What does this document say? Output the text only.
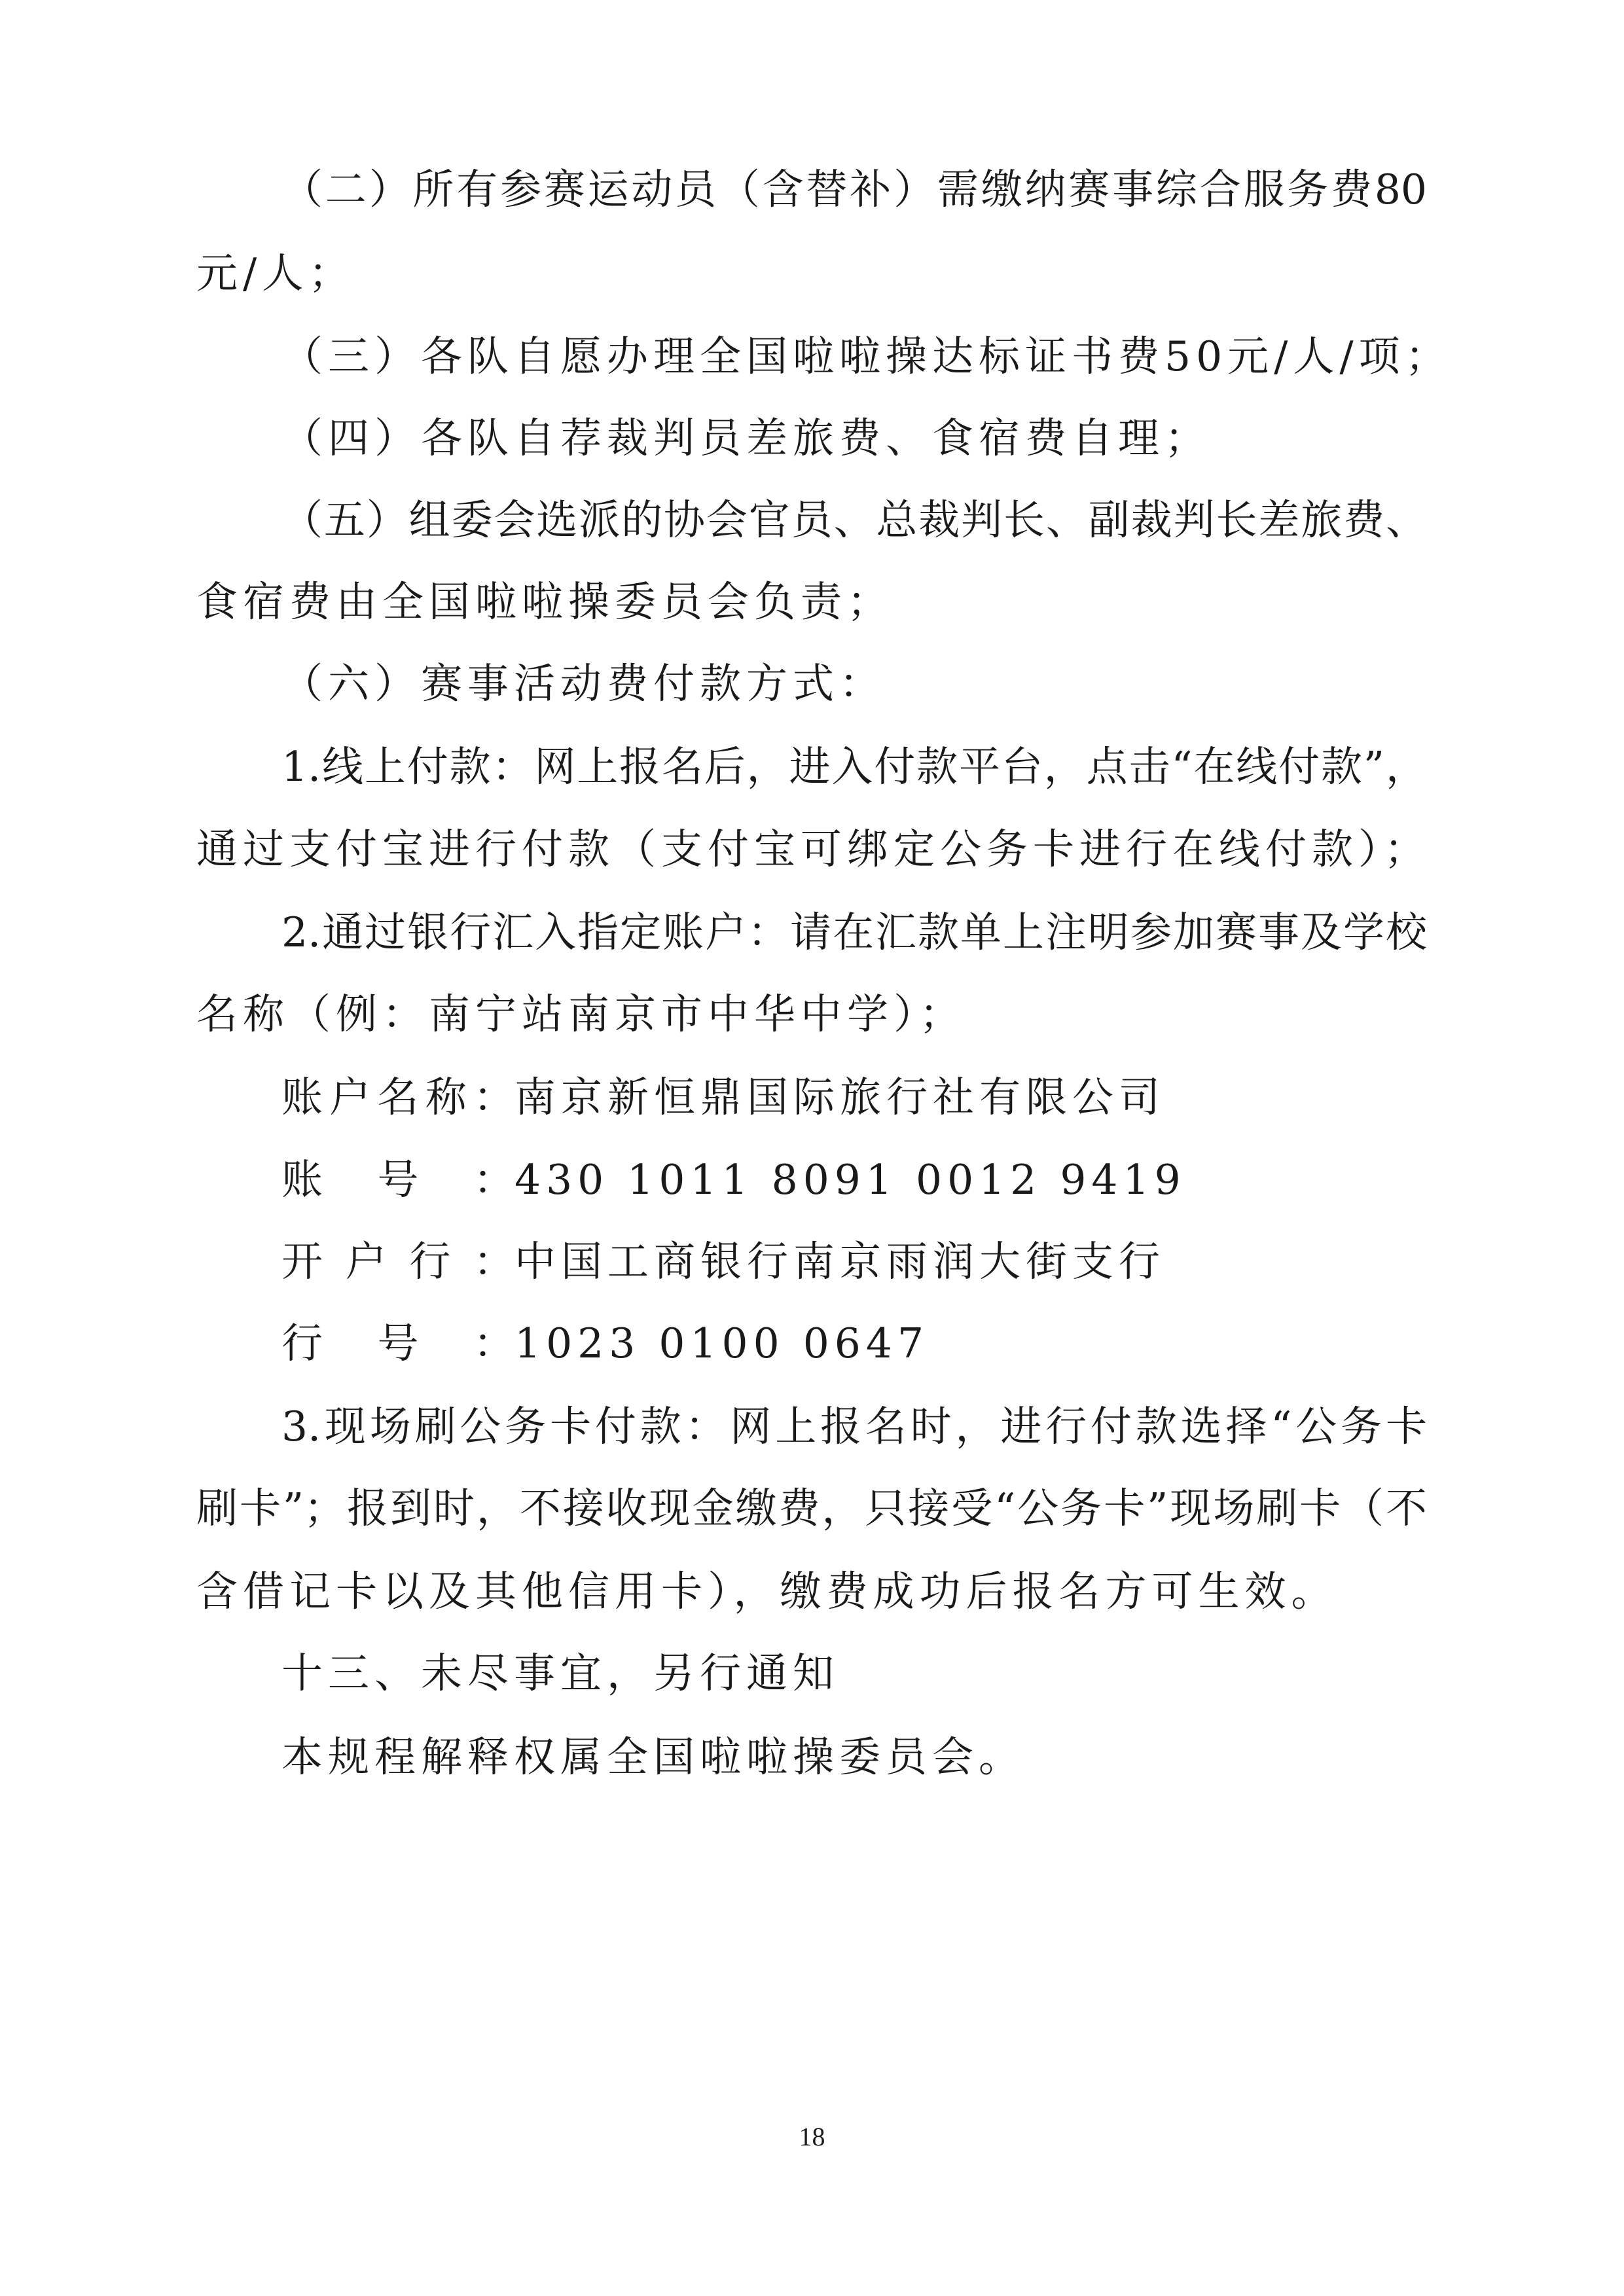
（二）所有参赛运动员（含替补）需缴纳赛事综合服务费80
元/人；
（三）各队自愿办理全国啦啦操达标证书费50元/人/项；
（四）各队自荐裁判员差旅费、食宿费自理；
（五）组委会选派的协会官员、总裁判长、副裁判长差旅费、
食宿费由全国啦啦操委员会负责；
（六）赛事活动费付款方式：
1.线上付款：网上报名后，进入付款平台，点击“在线付款”，
通过支付宝进行付款（支付宝可绑定公务卡进行在线付款）；
2.通过银行汇入指定账户：请在汇款单上注明参加赛事及学校
名称（例：南宁站南京市中华中学）；
账户名称：南京新恒鼎国际旅行社有限公司
账号：430 1011 8091 0012 9419
开户行：中国工商银行南京雨润大街支行
行号：1023 0100 0647
3.现场刷公务卡付款：网上报名时，进行付款选择“公务卡
刷卡”；报到时，不接收现金缴费，只接受“公务卡”现场刷卡（不
含借记卡以及其他信用卡），缴费成功后报名方可生效。
十三、未尽事宜，另行通知
本规程解释权属全国啦啦操委员会。
18
